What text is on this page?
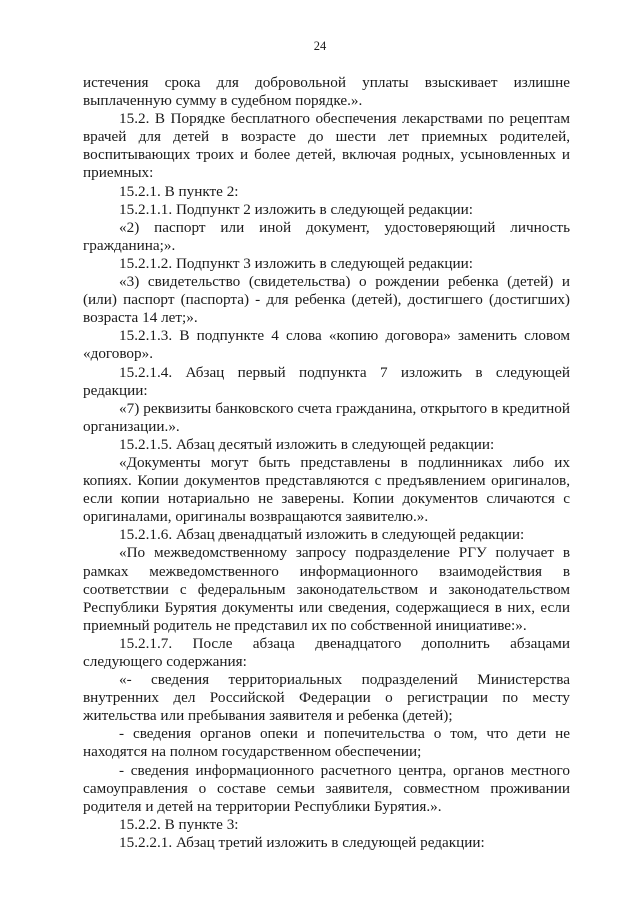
24

истечения срока для добровольной уплаты взыскивает излишне выплаченную сумму в судебном порядке.».

15.2. В Порядке бесплатного обеспечения лекарствами по рецептам врачей для детей в возрасте до шести лет приемных родителей, воспитывающих троих и более детей, включая родных, усыновленных и приемных:

15.2.1. В пункте 2:

15.2.1.1. Подпункт 2 изложить в следующей редакции:

«2) паспорт или иной документ, удостоверяющий личность гражданина;».

15.2.1.2. Подпункт 3 изложить в следующей редакции:

«3) свидетельство (свидетельства) о рождении ребенка (детей) и (или) паспорт (паспорта) - для ребенка (детей), достигшего (достигших) возраста 14 лет;».

15.2.1.3. В подпункте 4 слова «копию договора» заменить словом «договор».

15.2.1.4. Абзац первый подпункта 7 изложить в следующей редакции:

«7) реквизиты банковского счета гражданина, открытого в кредитной организации.».

15.2.1.5. Абзац десятый изложить в следующей редакции:

«Документы могут быть представлены в подлинниках либо их копиях. Копии документов представляются с предъявлением оригиналов, если копии нотариально не заверены. Копии документов сличаются с оригиналами, оригиналы возвращаются заявителю.».

15.2.1.6. Абзац двенадцатый изложить в следующей редакции:

«По межведомственному запросу подразделение РГУ получает в рамках межведомственного информационного взаимодействия в соответствии с федеральным законодательством и законодательством Республики Бурятия документы или сведения, содержащиеся в них, если приемный родитель не представил их по собственной инициативе:».

15.2.1.7. После абзаца двенадцатого дополнить абзацами следующего содержания:

«- сведения территориальных подразделений Министерства внутренних дел Российской Федерации о регистрации по месту жительства или пребывания заявителя и ребенка (детей);

- сведения органов опеки и попечительства о том, что дети не находятся на полном государственном обеспечении;

- сведения информационного расчетного центра, органов местного самоуправления о составе семьи заявителя, совместном проживании родителя и детей на территории Республики Бурятия.».

15.2.2. В пункте 3:

15.2.2.1. Абзац третий изложить в следующей редакции:
